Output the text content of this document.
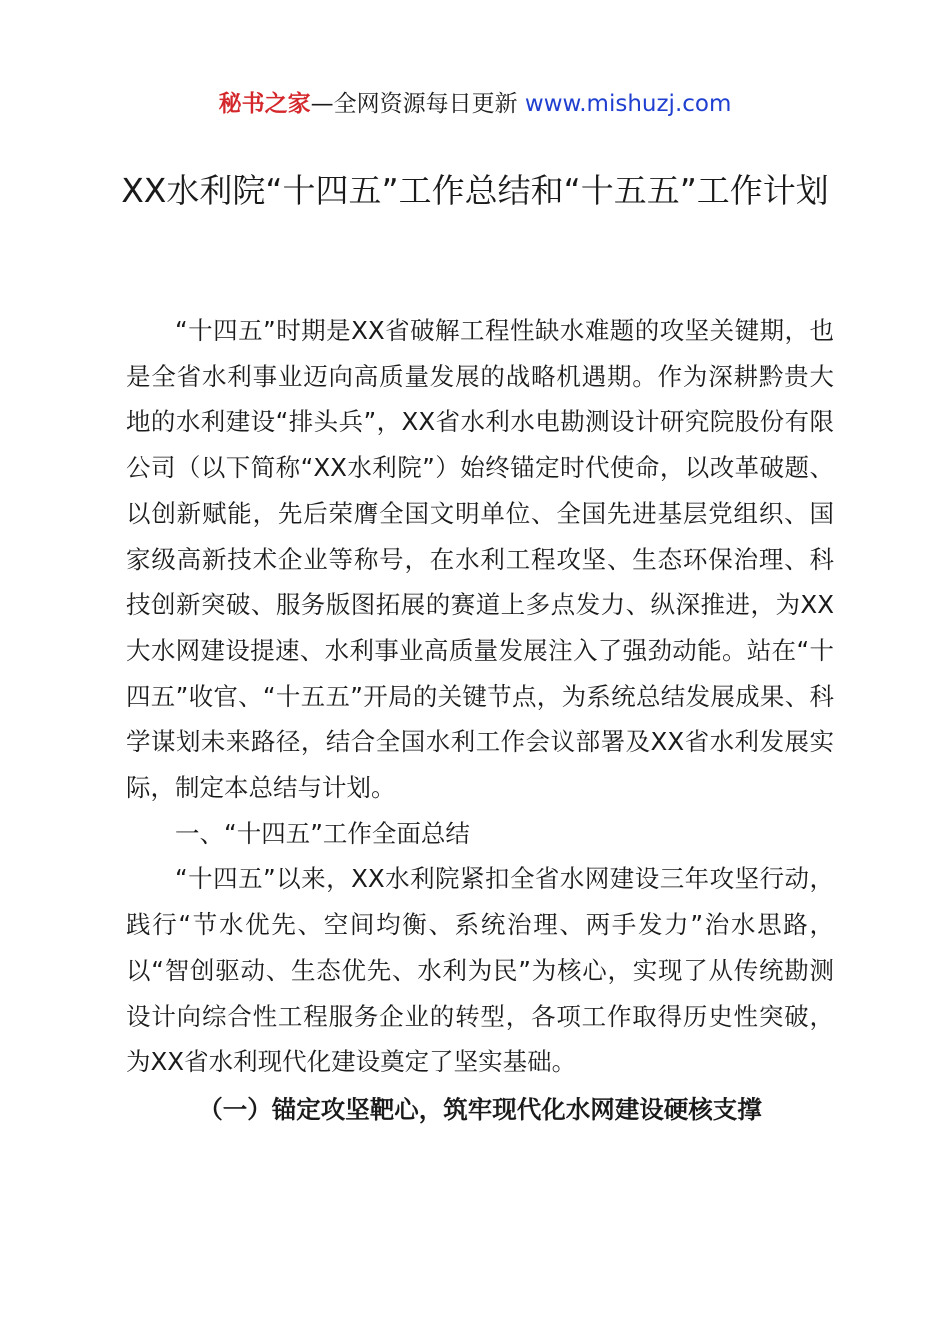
秘书之家—全网资源每日更新 www.mishuzj.com
XX水利院“十四五”工作总结和“十五五”工作计划

“十四五”时期是XX省破解工程性缺水难题的攻坚关键期，也是全省水利事业迈向高质量发展的战略机遇期。作为深耕黔贵大地的水利建设“排头兵”，XX省水利水电勘测设计研究院股份有限公司（以下简称“XX水利院”）始终锚定时代使命，以改革破题、以创新赋能，先后荣膺全国文明单位、全国先进基层党组织、国家级高新技术企业等称号，在水利工程攻坚、生态环保治理、科技创新突破、服务版图拓展的赛道上多点发力、纵深推进，为XX大水网建设提速、水利事业高质量发展注入了强劲动能。站在“十四五”收官、“十五五”开局的关键节点，为系统总结发展成果、科学谋划未来路径，结合全国水利工作会议部署及XX省水利发展实际，制定本总结与计划。

一、“十四五”工作全面总结

“十四五”以来，XX水利院紧扣全省水网建设三年攻坚行动，践行“节水优先、空间均衡、系统治理、两手发力”治水思路，以“智创驱动、生态优先、水利为民”为核心，实现了从传统勘测设计向综合性工程服务企业的转型，各项工作取得历史性突破，为XX省水利现代化建设奠定了坚实基础。

（一）锚定攻坚靶心，筑牢现代化水网建设硬核支撑
